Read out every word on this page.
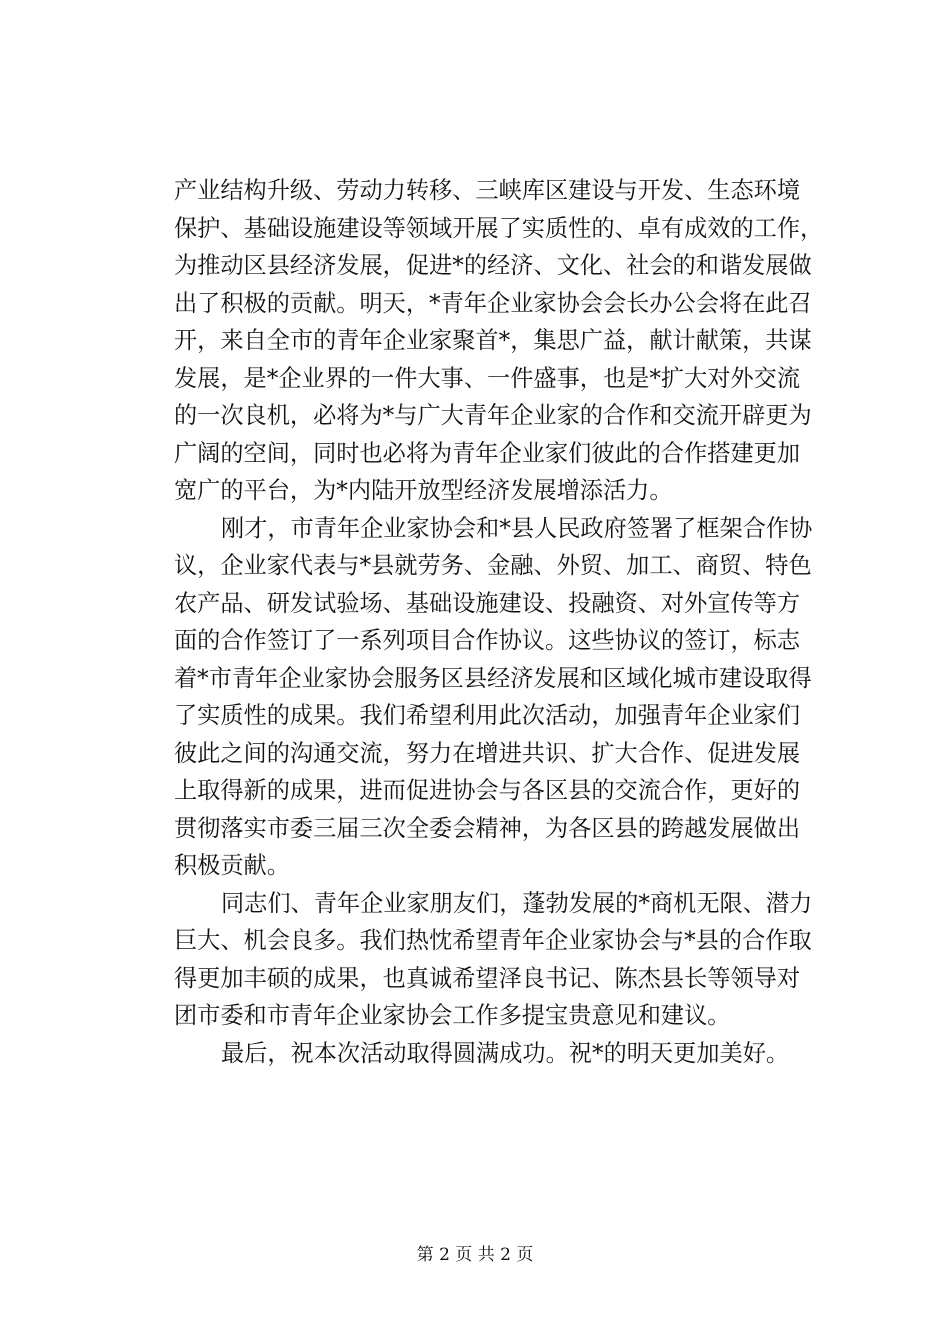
产业结构升级、劳动力转移、三峡库区建设与开发、生态环境
保护、基础设施建设等领域开展了实质性的、卓有成效的工作，
为推动区县经济发展，促进*的经济、文化、社会的和谐发展做
出了积极的贡献。明天，*青年企业家协会会长办公会将在此召
开，来自全市的青年企业家聚首*，集思广益，献计献策，共谋
发展，是*企业界的一件大事、一件盛事，也是*扩大对外交流
的一次良机，必将为*与广大青年企业家的合作和交流开辟更为
广阔的空间，同时也必将为青年企业家们彼此的合作搭建更加
宽广的平台，为*内陆开放型经济发展增添活力。
刚才，市青年企业家协会和*县人民政府签署了框架合作协
议，企业家代表与*县就劳务、金融、外贸、加工、商贸、特色
农产品、研发试验场、基础设施建设、投融资、对外宣传等方
面的合作签订了一系列项目合作协议。这些协议的签订，标志
着*市青年企业家协会服务区县经济发展和区域化城市建设取得
了实质性的成果。我们希望利用此次活动，加强青年企业家们
彼此之间的沟通交流，努力在增进共识、扩大合作、促进发展
上取得新的成果，进而促进协会与各区县的交流合作，更好的
贯彻落实市委三届三次全委会精神，为各区县的跨越发展做出
积极贡献。
同志们、青年企业家朋友们，蓬勃发展的*商机无限、潜力
巨大、机会良多。我们热忱希望青年企业家协会与*县的合作取
得更加丰硕的成果，也真诚希望泽良书记、陈杰县长等领导对
团市委和市青年企业家协会工作多提宝贵意见和建议。
最后，祝本次活动取得圆满成功。祝*的明天更加美好。
第 2 页 共 2 页
